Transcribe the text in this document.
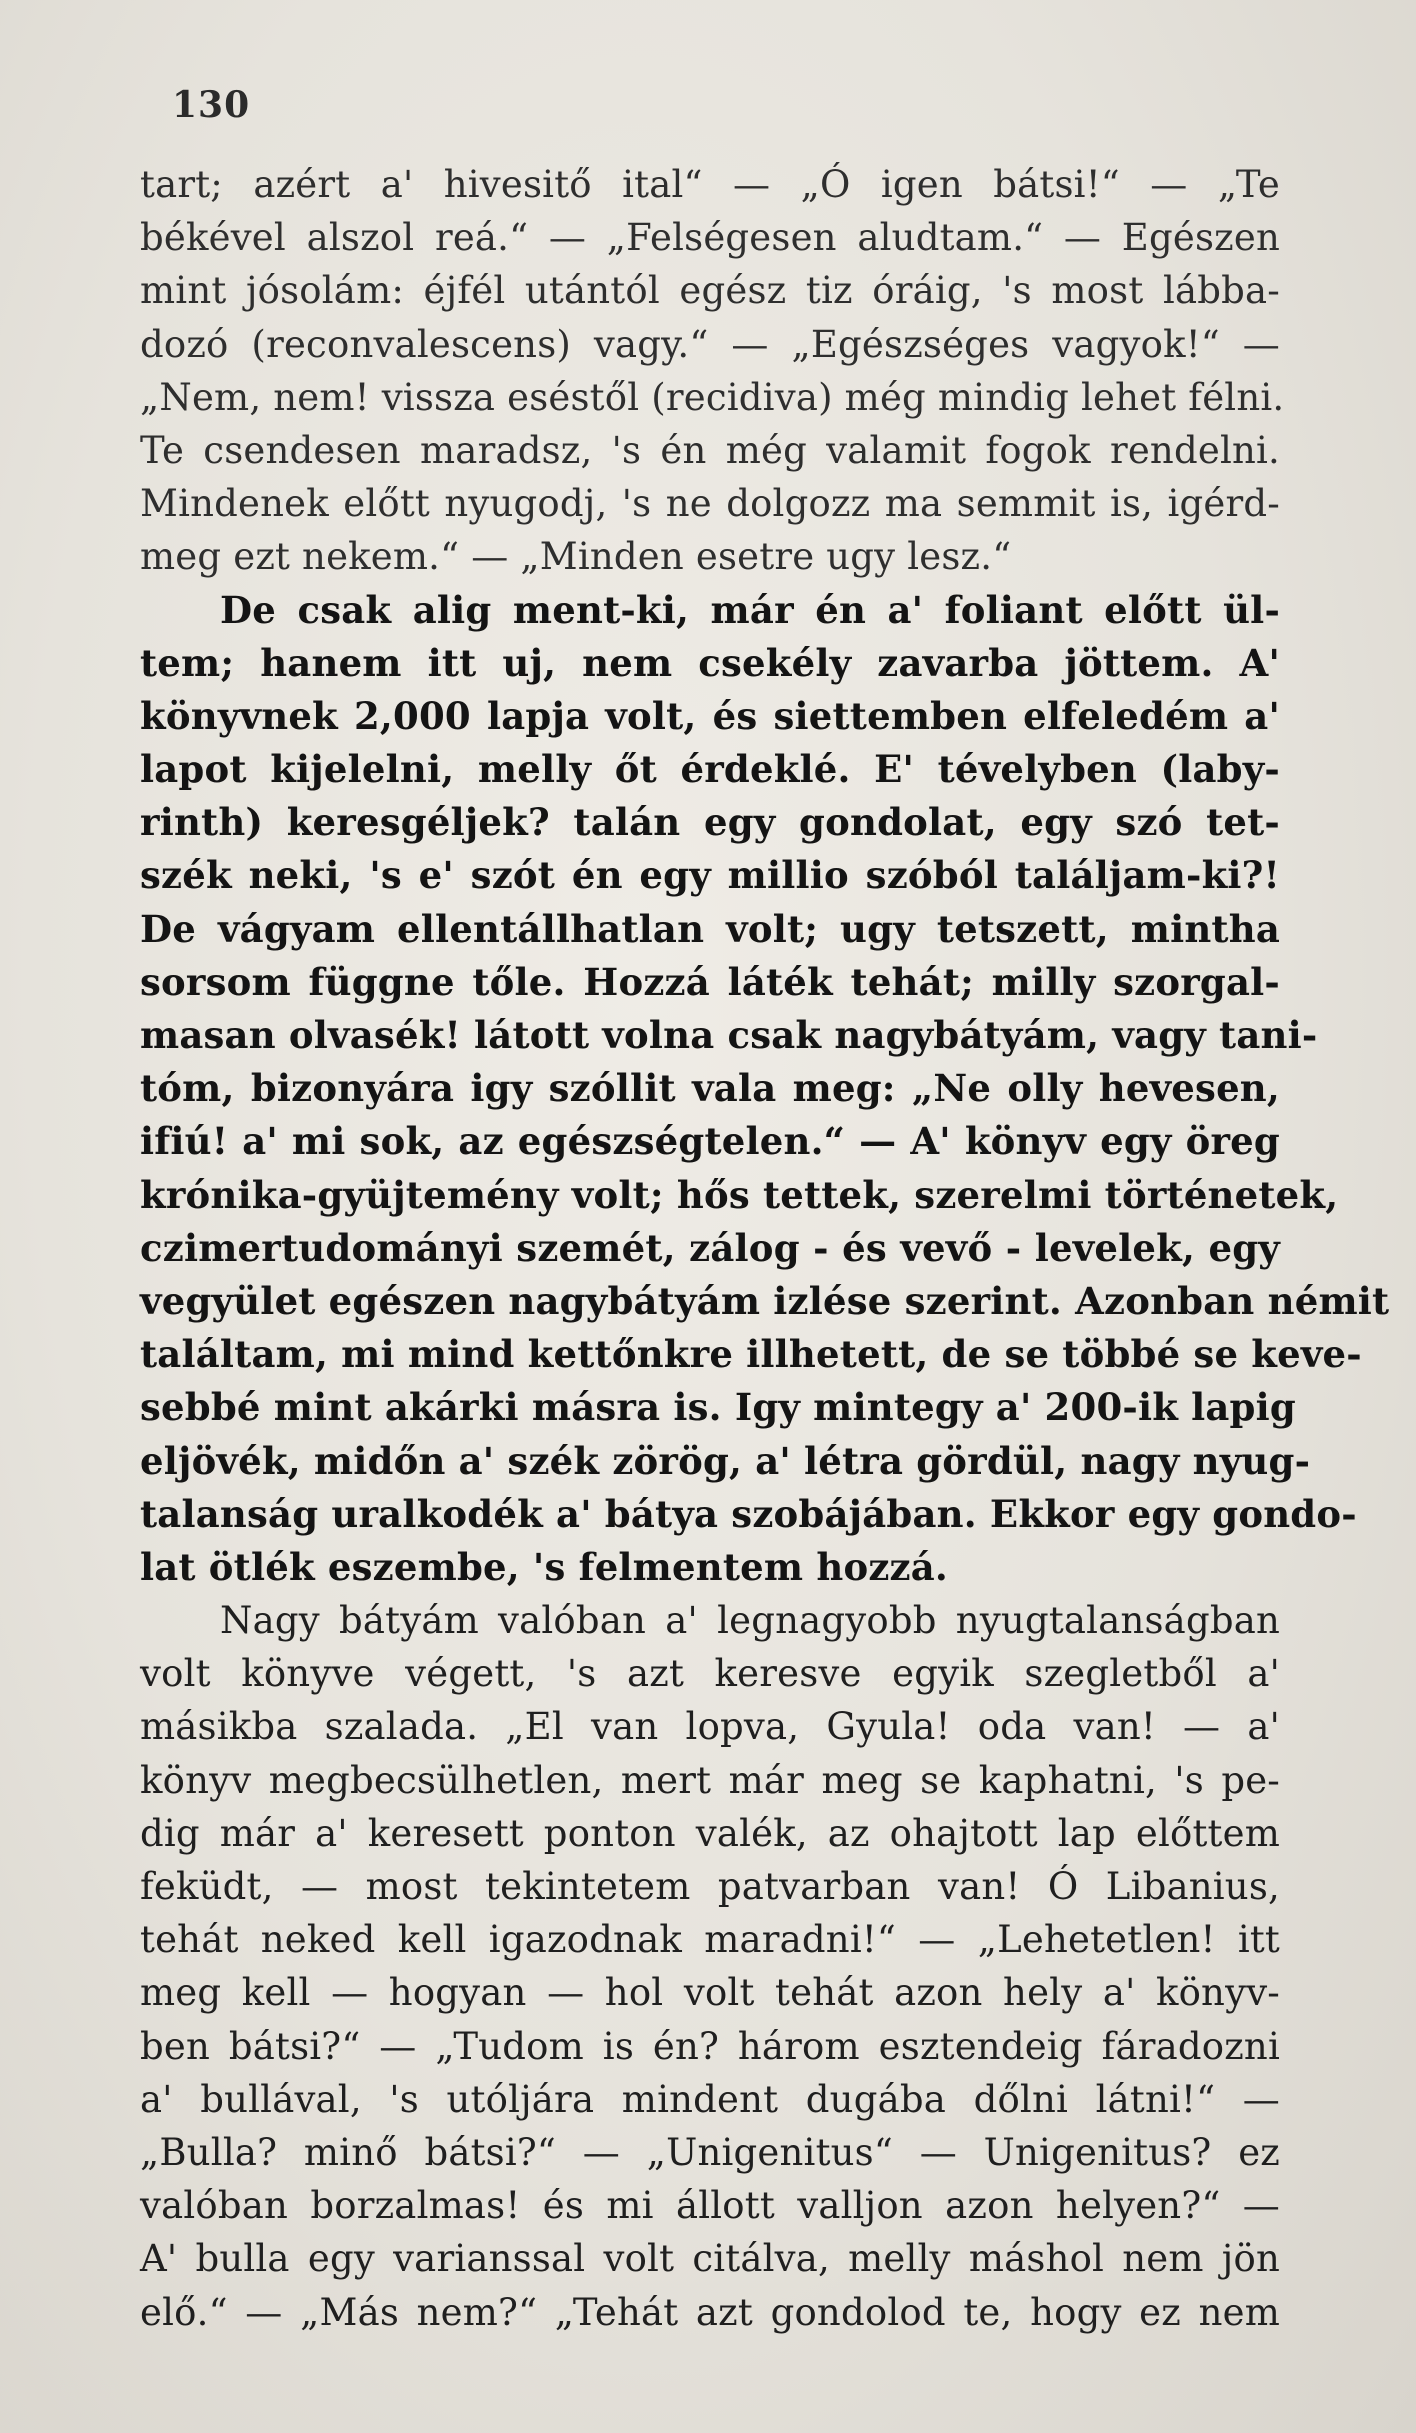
130
tart; azért a' hivesitő ital“ — „Ó igen bátsi!“ — „Te
békével alszol reá.“ — „Felségesen aludtam.“ — Egészen
mint jósolám: éjfél utántól egész tiz óráig, 's most lábba-
dozó (reconvalescens) vagy.“ — „Egészséges vagyok!“ —
„Nem, nem! vissza eséstől (recidiva) még mindig lehet félni.
Te csendesen maradsz, 's én még valamit fogok rendelni.
Mindenek előtt nyugodj, 's ne dolgozz ma semmit is, igérd-
meg ezt nekem.“ — „Minden esetre ugy lesz.“
De csak alig ment-ki, már én a' foliant előtt ül-
tem; hanem itt uj, nem csekély zavarba jöttem. A'
könyvnek 2,000 lapja volt, és siettemben elfeledém a'
lapot kijelelni, melly őt érdeklé. E' tévelyben (laby-
rinth) keresgéljek? talán egy gondolat, egy szó tet-
szék neki, 's e' szót én egy millio szóból találjam-ki?!
De vágyam ellentállhatlan volt; ugy tetszett, mintha
sorsom függne tőle. Hozzá láték tehát; milly szorgal-
masan olvasék! látott volna csak nagybátyám, vagy tani-
tóm, bizonyára igy szóllit vala meg: „Ne olly hevesen,
ifiú! a' mi sok, az egészségtelen.“ — A' könyv egy öreg
krónika-gyüjtemény volt; hős tettek, szerelmi történetek,
czimertudományi szemét, zálog - és vevő - levelek, egy
vegyület egészen nagybátyám izlése szerint. Azonban némit
találtam, mi mind kettőnkre illhetett, de se többé se keve-
sebbé mint akárki másra is. Igy mintegy a' 200-ik lapig
eljövék, midőn a' szék zörög, a' létra gördül, nagy nyug-
talanság uralkodék a' bátya szobájában. Ekkor egy gondo-
lat ötlék eszembe, 's felmentem hozzá.
Nagy bátyám valóban a' legnagyobb nyugtalanságban
volt könyve végett, 's azt keresve egyik szegletből a'
másikba szalada. „El van lopva, Gyula! oda van! — a'
könyv megbecsülhetlen, mert már meg se kaphatni, 's pe-
dig már a' keresett ponton valék, az ohajtott lap előttem
feküdt, — most tekintetem patvarban van! Ó Libanius,
tehát neked kell igazodnak maradni!“ — „Lehetetlen! itt
meg kell — hogyan — hol volt tehát azon hely a' könyv-
ben bátsi?“ — „Tudom is én? három esztendeig fáradozni
a' bullával, 's utóljára mindent dugába dőlni látni!“ —
„Bulla? minő bátsi?“ — „Unigenitus“ — Unigenitus? ez
valóban borzalmas! és mi állott valljon azon helyen?“ —
A' bulla egy varianssal volt citálva, melly máshol nem jön
elő.“ — „Más nem?“ „Tehát azt gondolod te, hogy ez nem
